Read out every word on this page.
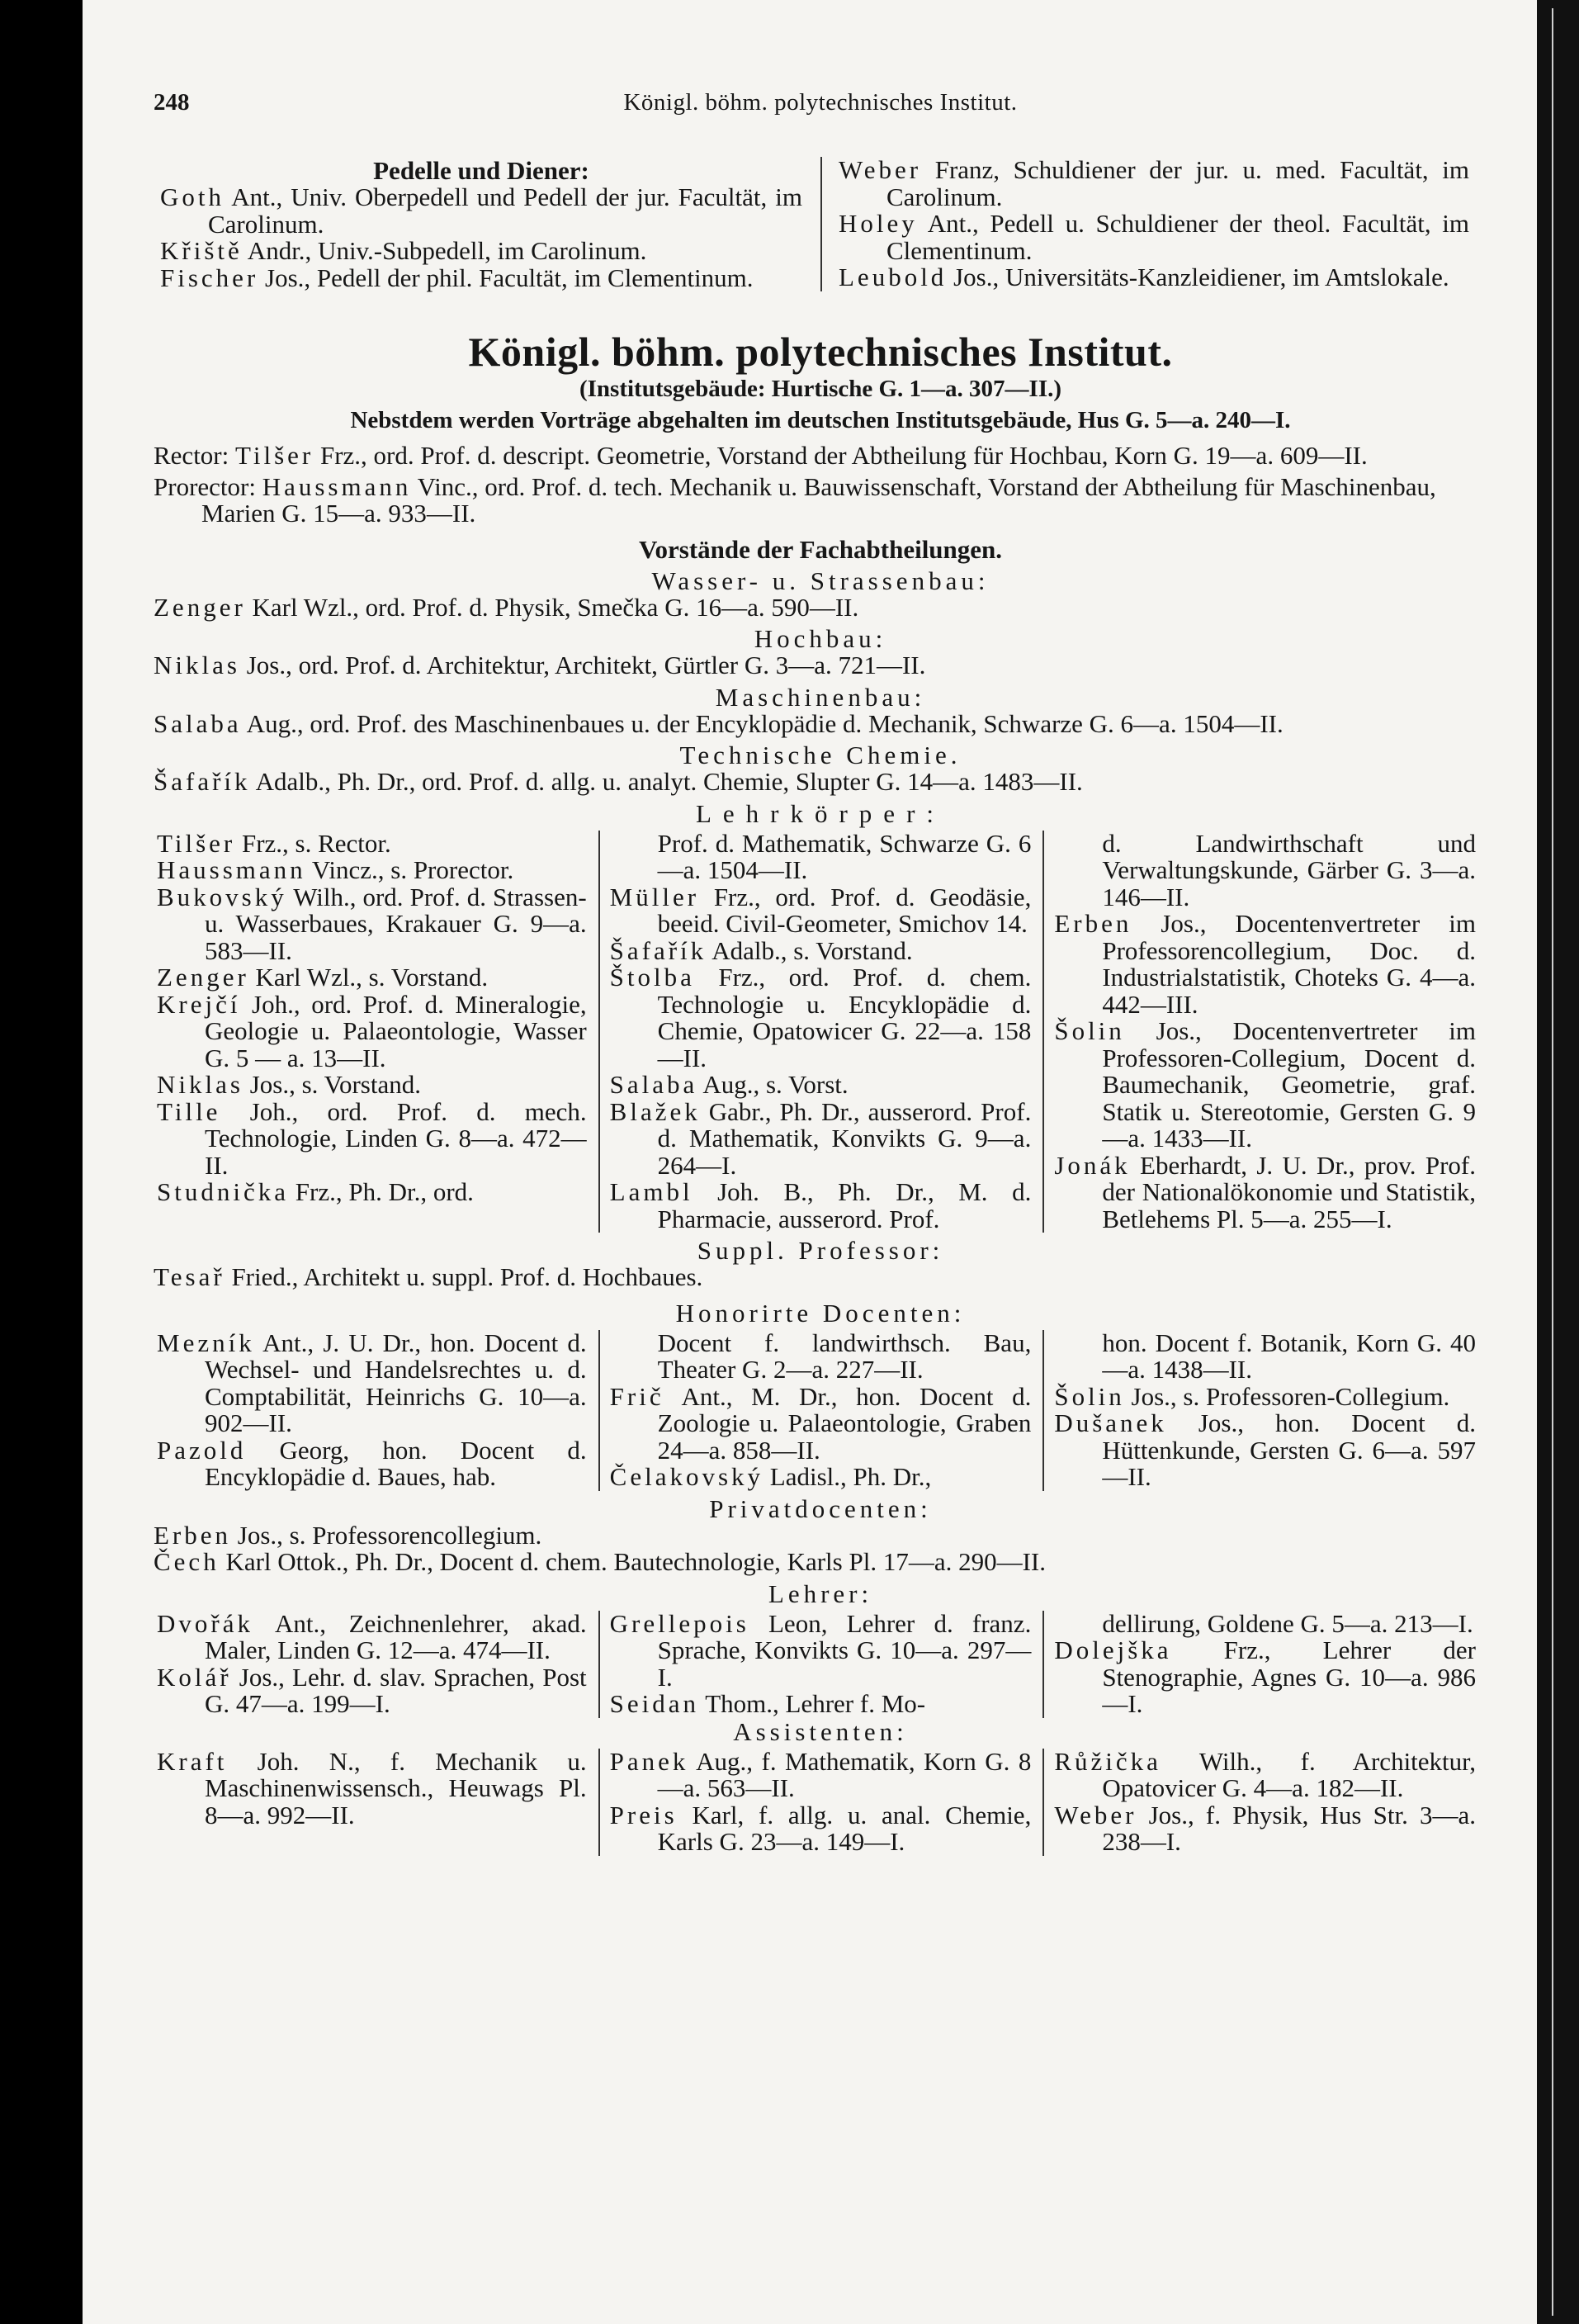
248	Königl. böhm. polytechnisches Institut.
Pedelle und Diener:
Goth Ant., Univ. Oberpedell und Pedell der jur. Facultät, im Carolinum.
Křiště Andr., Univ.-Subpedell, im Carolinum.
Fischer Jos., Pedell der phil. Facultät, im Clementinum.
Weber Franz, Schuldiener der jur. u. med. Facultät, im Carolinum.
Holey Ant., Pedell u. Schuldiener der theol. Facultät, im Clementinum.
Leubold Jos., Universitäts-Kanzleidiener, im Amtslokale.
Königl. böhm. polytechnisches Institut.
(Institutsgebäude: Hurtische G. 1—a. 307—II.)
Nebstdem werden Vorträge abgehalten im deutschen Institutsgebäude, Hus G. 5—a. 240—I.
Rector: Tilšer Frz., ord. Prof. d. descript. Geometrie, Vorstand der Abtheilung für Hochbau, Korn G. 19—a. 609—II.
Prorector: Haussmann Vinc., ord. Prof. d. tech. Mechanik u. Bauwissenschaft, Vorstand der Abtheilung für Maschinenbau, Marien G. 15—a. 933—II.
Vorstände der Fachabtheilungen.
Wasser- u. Strassenbau:
Zenger Karl Wzl., ord. Prof. d. Physik, Smečka G. 16—a. 590—II.
Hochbau:
Niklas Jos., ord. Prof. d. Architektur, Architekt, Gürtler G. 3—a. 721—II.
Maschinenbau:
Salaba Aug., ord. Prof. des Maschinenbaues u. der Encyklopädie d. Mechanik, Schwarze G. 6—a. 1504—II.
Technische Chemie.
Šafařík Adalb., Ph. Dr., ord. Prof. d. allg. u. analyt. Chemie, Slupter G. 14—a. 1483—II.
Lehrkörper:
Tilšer Frz., s. Rector.
Haussmann Vincz., s. Prorector.
Bukovský Wilh., ord. Prof. d. Strassen- u. Wasserbaues, Krakauer G. 9—a. 583—II.
Zenger Karl Wzl., s. Vorstand.
Krejčí Joh., ord. Prof. d. Mineralogie, Geologie u. Palaeontologie, Wasser G. 5 — a. 13—II.
Niklas Jos., s. Vorstand.
Tille Joh., ord. Prof. d. mech. Technologie, Linden G. 8—a. 472—II.
Studnička Frz., Ph. Dr., ord.
Prof. d. Mathematik, Schwarze G. 6—a. 1504—II.
Müller Frz., ord. Prof. d. Geodäsie, beeid. Civil-Geometer, Smichov 14.
Šafařík Adalb., s. Vorstand.
Štolba Frz., ord. Prof. d. chem. Technologie u. Encyklopädie d. Chemie, Opatowicer G. 22—a. 158—II.
Salaba Aug., s. Vorst.
Blažek Gabr., Ph. Dr., ausserord. Prof. d. Mathematik, Konvikts G. 9—a. 264—I.
Lambl Joh. B., Ph. Dr., M. d. Pharmacie, ausserord. Prof.
d. Landwirthschaft und Verwaltungskunde, Gärber G. 3—a. 146—II.
Erben Jos., Docentenvertreter im Professorencollegium, Doc. d. Industrialstatistik, Choteks G. 4—a. 442—III.
Šolin Jos., Docentenvertreter im Professoren-Collegium, Docent d. Baumechanik, Geometrie, graf. Statik u. Stereotomie, Gersten G. 9—a. 1433—II.
Jonák Eberhardt, J. U. Dr., prov. Prof. der Nationalökonomie und Statistik, Betlehems Pl. 5—a. 255—I.
Suppl. Professor:
Tesař Fried., Architekt u. suppl. Prof. d. Hochbaues.
Honorirte Docenten:
Mezník Ant., J. U. Dr., hon. Docent d. Wechsel- und Handelsrechtes u. d. Comptabilität, Heinrichs G. 10—a. 902—II.
Pazold Georg, hon. Docent d. Encyklopädie d. Baues, hab.
Docent f. landwirthsch. Bau, Theater G. 2—a. 227—II.
Frič Ant., M. Dr., hon. Docent d. Zoologie u. Palaeontologie, Graben 24—a. 858—II.
Čelakovský Ladisl., Ph. Dr.,
hon. Docent f. Botanik, Korn G. 40—a. 1438—II.
Šolin Jos., s. Professoren-Collegium.
Dušanek Jos., hon. Docent d. Hüttenkunde, Gersten G. 6—a. 597—II.
Privatdocenten:
Erben Jos., s. Professorencollegium.
Čech Karl Ottok., Ph. Dr., Docent d. chem. Bautechnologie, Karls Pl. 17—a. 290—II.
Lehrer:
Dvořák Ant., Zeichnenlehrer, akad. Maler, Linden G. 12—a. 474—II.
Kolář Jos., Lehr. d. slav. Sprachen, Post G. 47—a. 199—I.
Grellepois Leon, Lehrer d. franz. Sprache, Konvikts G. 10—a. 297—I.
Seidan Thom., Lehrer f. Mo-
dellirung, Goldene G. 5—a. 213—I.
Dolejška Frz., Lehrer der Stenographie, Agnes G. 10—a. 986—I.
Assistenten:
Kraft Joh. N., f. Mechanik u. Maschinenwissensch., Heuwags Pl. 8—a. 992—II.
Panek Aug., f. Mathematik, Korn G. 8—a. 563—II.
Preis Karl, f. allg. u. anal. Chemie, Karls G. 23—a. 149—I.
Růžička Wilh., f. Architektur, Opatovicer G. 4—a. 182—II.
Weber Jos., f. Physik, Hus Str. 3—a. 238—I.
